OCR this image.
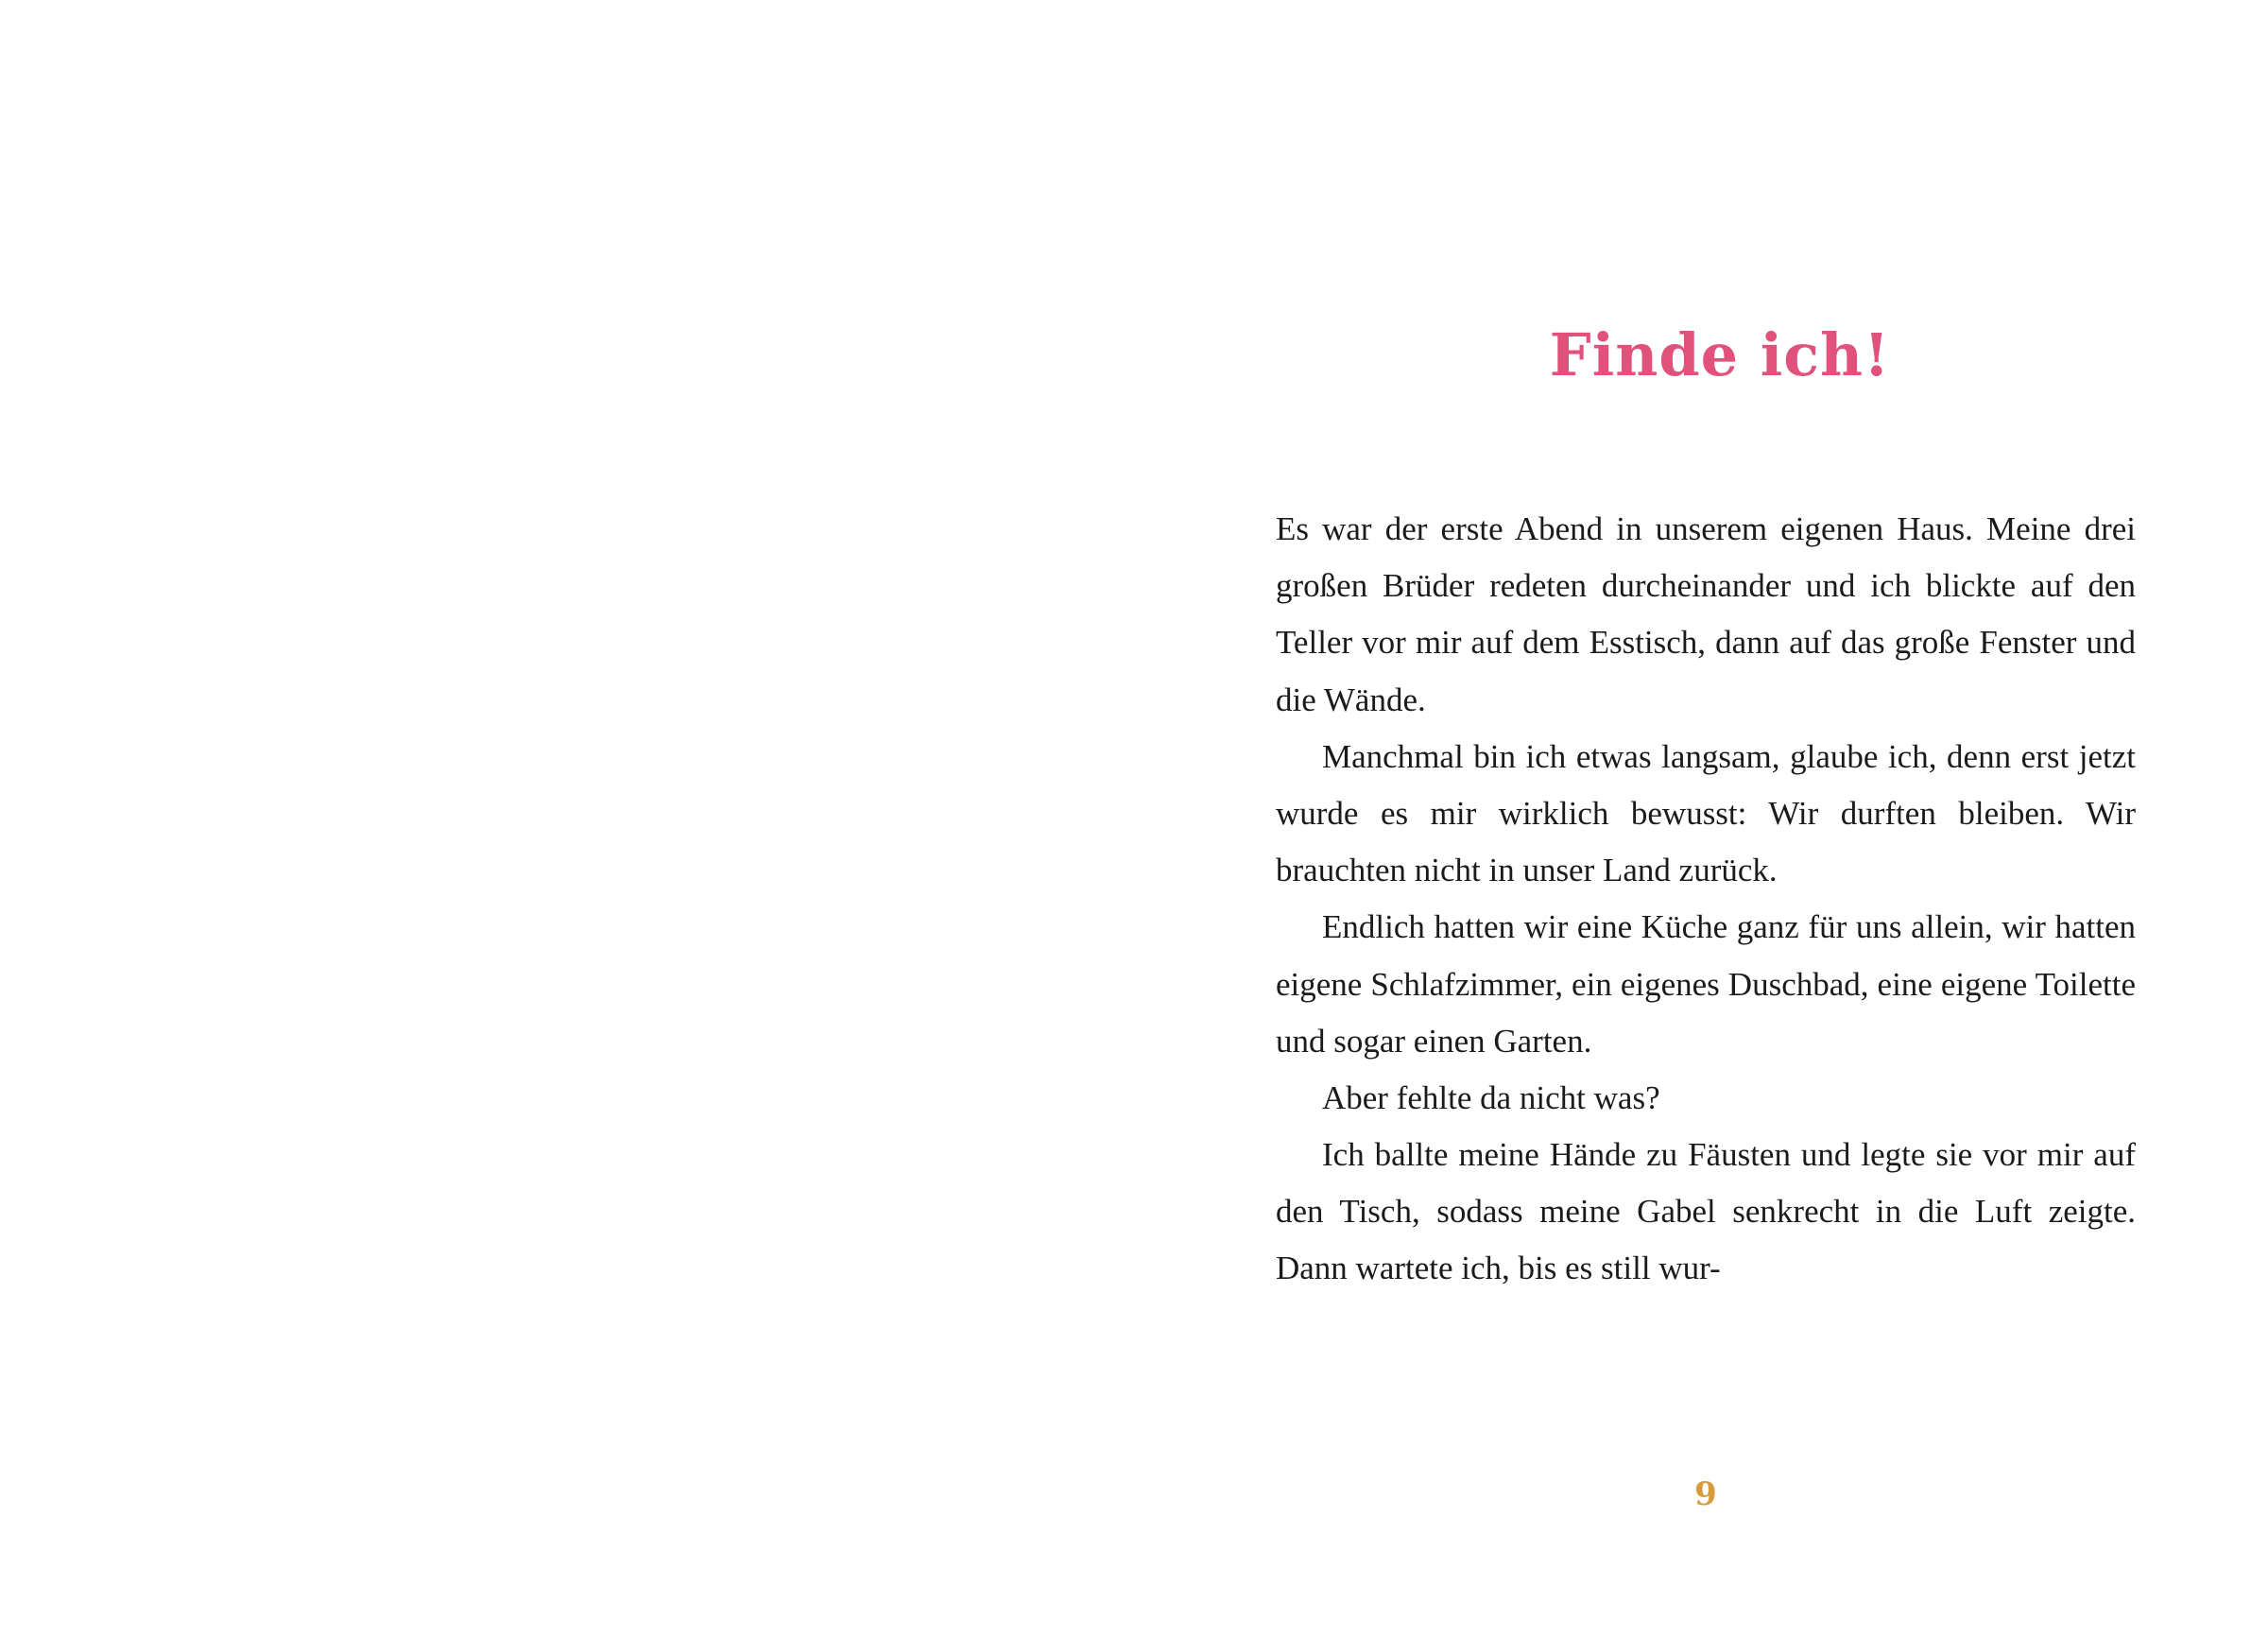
Finde ich!

Es war der erste Abend in unserem eigenen Haus. Meine drei großen Brüder redeten durcheinander und ich blickte auf den Teller vor mir auf dem Esstisch, dann auf das große Fenster und die Wände.

Manchmal bin ich etwas langsam, glaube ich, denn erst jetzt wurde es mir wirklich bewusst: Wir durften bleiben. Wir brauchten nicht in unser Land zurück.

Endlich hatten wir eine Küche ganz für uns allein, wir hatten eigene Schlafzimmer, ein eigenes Duschbad, eine eigene Toilette und sogar einen Garten.

Aber fehlte da nicht was?

Ich ballte meine Hände zu Fäusten und legte sie vor mir auf den Tisch, sodass meine Gabel senkrecht in die Luft zeigte. Dann wartete ich, bis es still wur-

9
